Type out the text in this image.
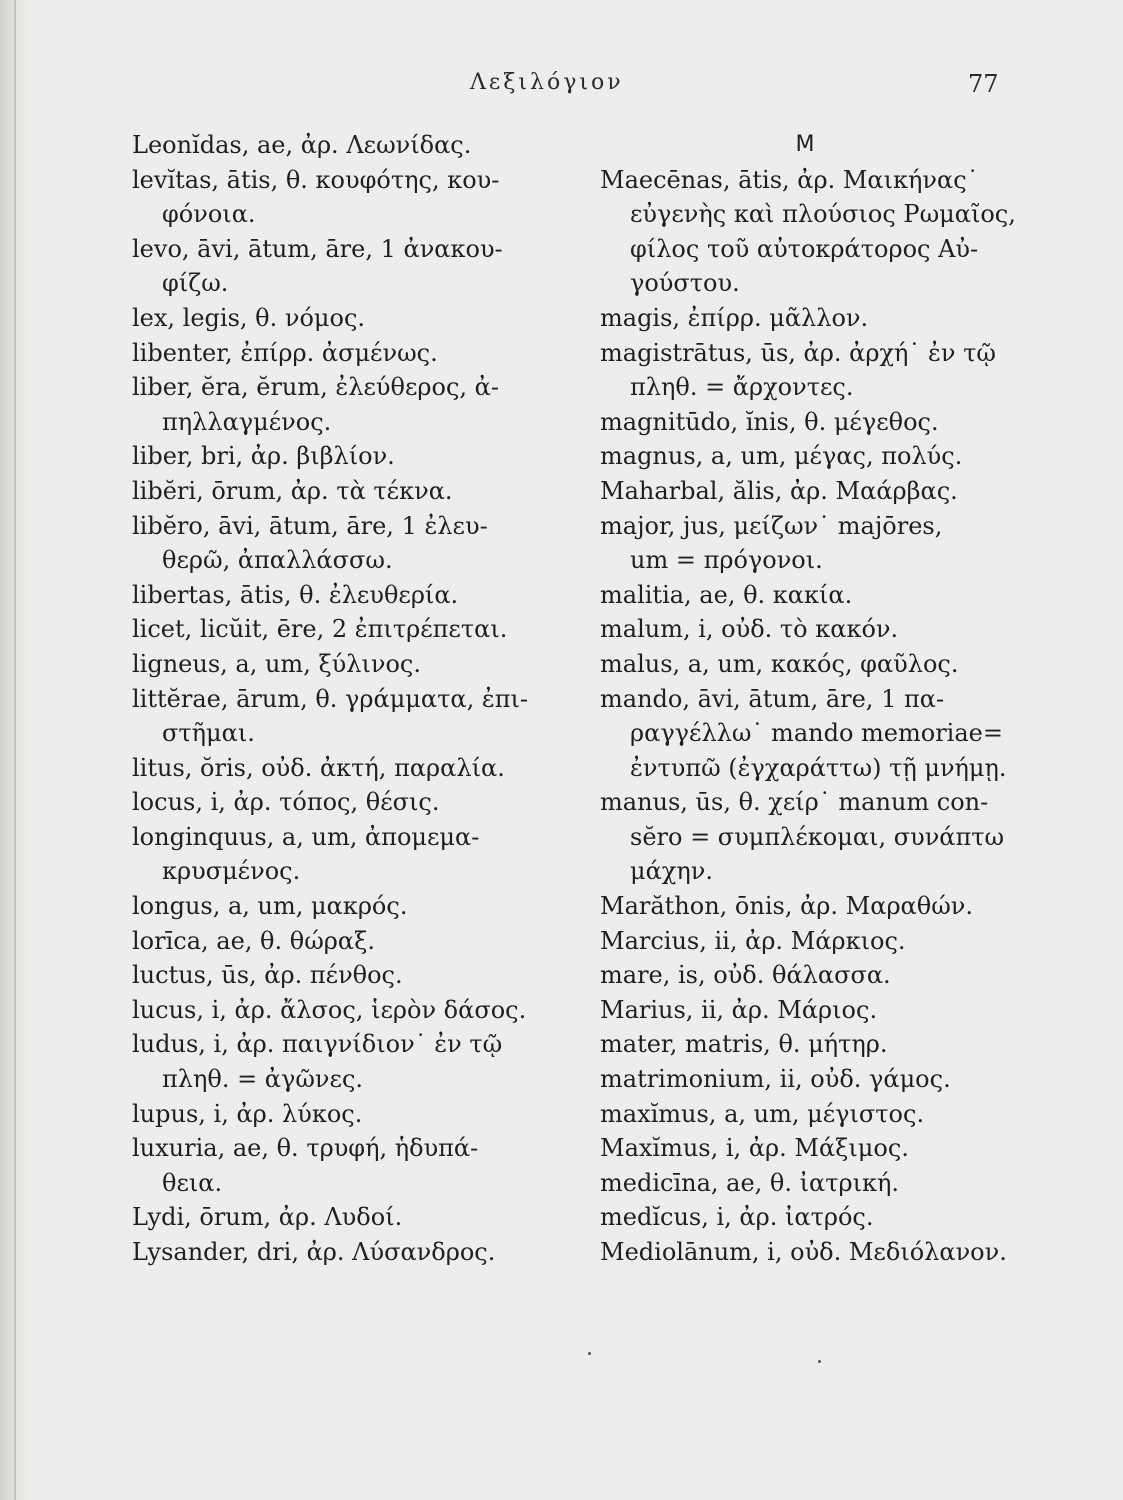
Λεξιλόγιον	77
Leonĭdas, ae, ἀρ. Λεωνίδας.
levĭtas, ātis, θ. κουφότης, κου-
φόνοια.
levo, āvi, ātum, āre, 1 ἀνακου-
φίζω.
lex, legis, θ. νόμος.
libenter, ἐπίρρ. ἀσμένως.
liber, ĕra, ĕrum, ἐλεύθερος, ἀ-
πηλλαγμένος.
liber, bri, ἀρ. βιβλίον.
libĕri, ōrum, ἀρ. τὰ τέκνα.
libĕro, āvi, ātum, āre, 1 ἐλευ-
θερῶ, ἀπαλλάσσω.
libertas, ātis, θ. ἐλευθερία.
licet, licŭit, ēre, 2 ἐπιτρέπεται.
ligneus, a, um, ξύλινος.
littĕrae, ārum, θ. γράμματα, ἐπι-
στῆμαι.
litus, ŏris, οὐδ. ἀκτή, παραλία.
locus, i, ἀρ. τόπος, θέσις.
longinquus, a, um, ἀπομεμα-
κρυσμένος.
longus, a, um, μακρός.
lorīca, ae, θ. θώραξ.
luctus, ūs, ἀρ. πένθος.
lucus, i, ἀρ. ἄλσος, ἱερὸν δάσος.
ludus, i, ἀρ. παιγνίδιον˙ ἐν τῷ
πληθ. = ἀγῶνες.
lupus, i, ἀρ. λύκος.
luxuria, ae, θ. τρυφή, ἡδυπά-
θεια.
Lydi, ōrum, ἀρ. Λυδοί.
Lysander, dri, ἀρ. Λύσανδρος.
M
Maecēnas, ātis, ἀρ. Μαικήνας˙
εὐγενὴς καὶ πλούσιος Ρωμαῖος,
φίλος τοῦ αὐτοκράτορος Αὐ-
γούστου.
magis, ἐπίρρ. μᾶλλον.
magistrātus, ūs, ἀρ. ἀρχή˙ ἐν τῷ
πληθ. = ἄρχοντες.
magnitūdo, ĭnis, θ. μέγεθος.
magnus, a, um, μέγας, πολύς.
Maharbal, ălis, ἀρ. Μαάρβας.
major, jus, μείζων˙ majōres,
um = πρόγονοι.
malitia, ae, θ. κακία.
malum, i, οὐδ. τὸ κακόν.
malus, a, um, κακός, φαῦλος.
mando, āvi, ātum, āre, 1 πα-
ραγγέλλω˙ mando memoriae=
ἐντυπῶ (ἐγχαράττω) τῇ μνήμῃ.
manus, ūs, θ. χείρ˙ manum con-
sĕro = συμπλέκομαι, συνάπτω
μάχην.
Marăthon, ōnis, ἀρ. Μαραθών.
Marcius, ii, ἀρ. Μάρκιος.
mare, is, οὐδ. θάλασσα.
Marius, ii, ἀρ. Μάριος.
mater, matris, θ. μήτηρ.
matrimonium, ii, οὐδ. γάμος.
maxĭmus, a, um, μέγιστος.
Maxĭmus, i, ἀρ. Μάξιμος.
medicīna, ae, θ. ἰατρική.
medĭcus, i, ἀρ. ἰατρός.
Mediolānum, i, οὐδ. Μεδιόλανον.
